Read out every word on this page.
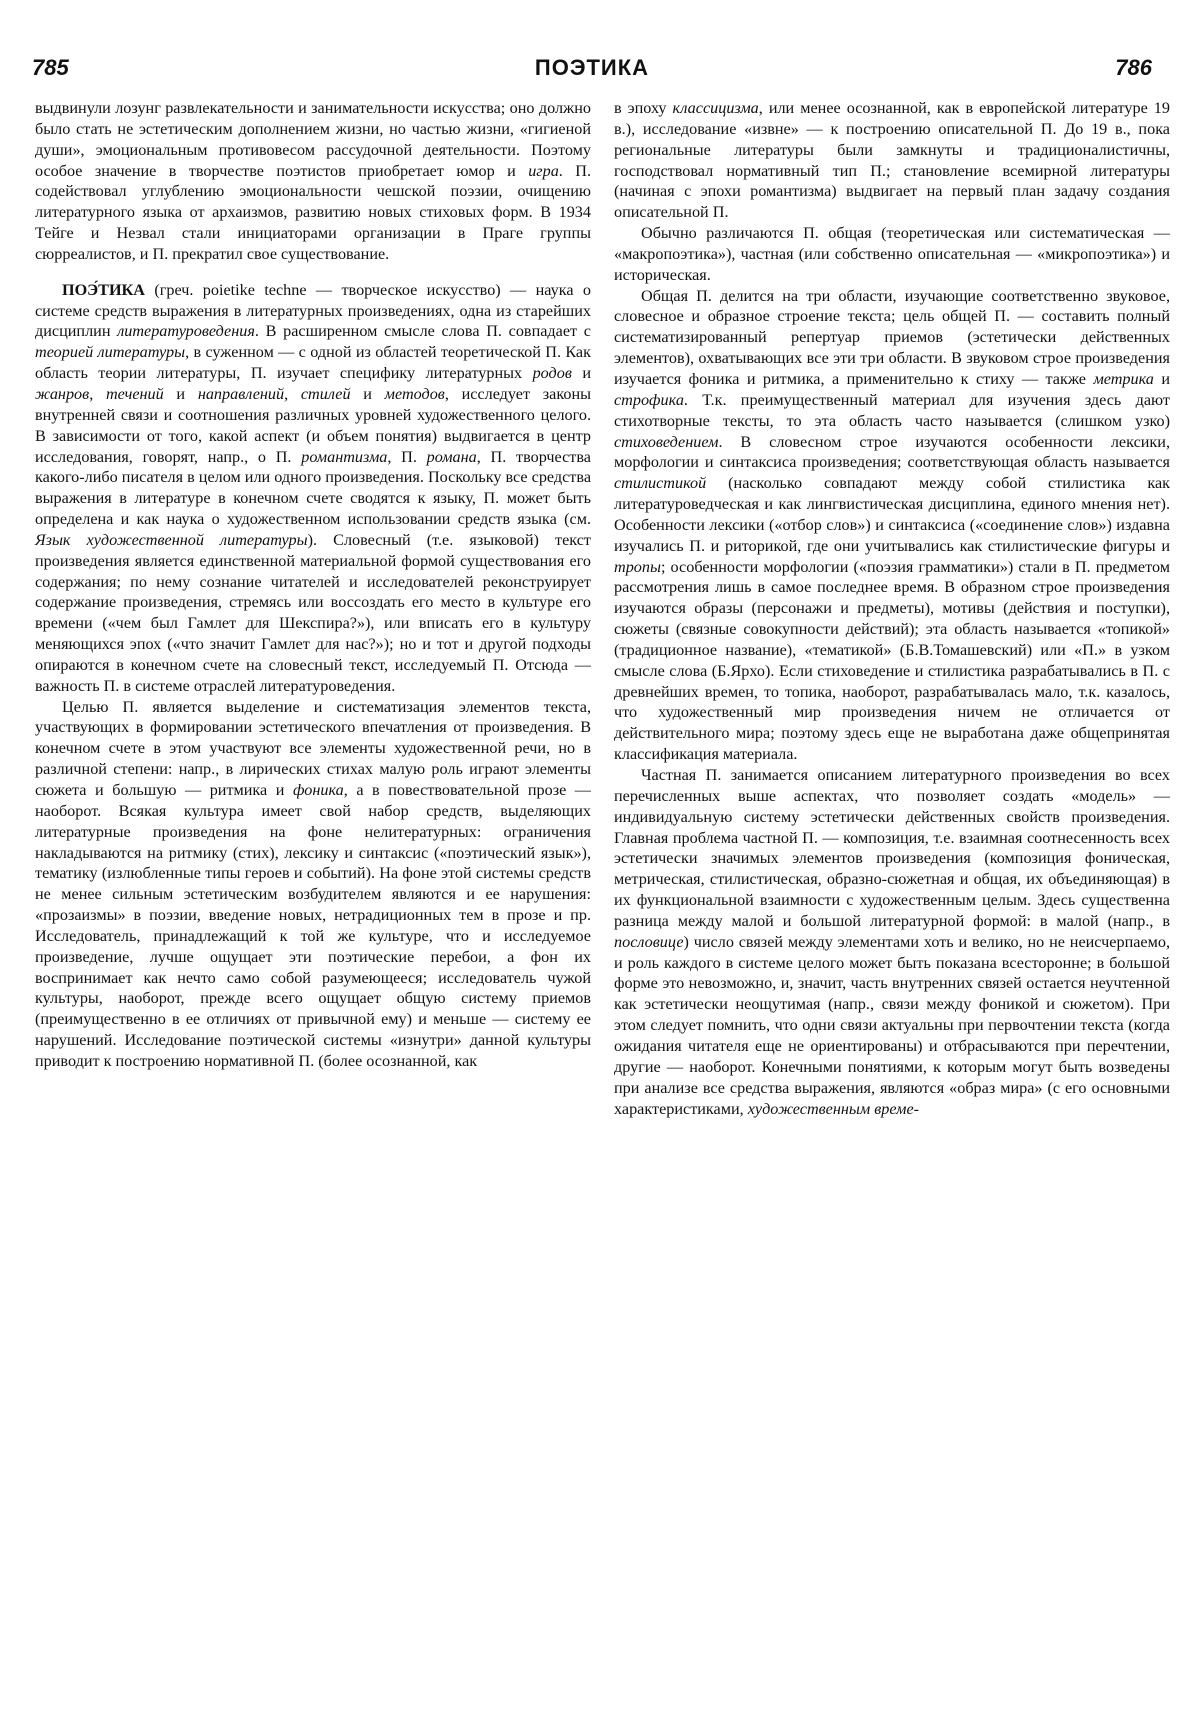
785	ПОЭТИКА	786

выдвинули лозунг развлекательности и занимательности искусства; оно должно было стать не эстетическим дополнением жизни, но частью жизни, «гигиеной души», эмоциональным противовесом рассудочной деятельности. Поэтому особое значение в творчестве поэтистов приобретает юмор и игра. П. содействовал углублению эмоциональности чешской поэзии, очищению литературного языка от архаизмов, развитию новых стиховых форм. В 1934 Тейге и Незвал стали инициаторами организации в Праге группы сюрреалистов, и П. прекратил свое существование.

ПОЭ́ТИКА (греч. poietike techne — творческое искусство) — наука о системе средств выражения в литературных произведениях, одна из старейших дисциплин литературоведения. В расширенном смысле слова П. совпадает с теорией литературы, в суженном — с одной из областей теоретической П. Как область теории литературы, П. изучает специфику литературных родов и жанров, течений и направлений, стилей и методов, исследует законы внутренней связи и соотношения различных уровней художественного целого. В зависимости от того, какой аспект (и объем понятия) выдвигается в центр исследования, говорят, напр., о П. романтизма, П. романа, П. творчества какого-либо писателя в целом или одного произведения. Поскольку все средства выражения в литературе в конечном счете сводятся к языку, П. может быть определена и как наука о художественном использовании средств языка (см. Язык художественной литературы). Словесный (т.е. языковой) текст произведения является единственной материальной формой существования его содержания; по нему сознание читателей и исследователей реконструирует содержание произведения, стремясь или воссоздать его место в культуре его времени («чем был Гамлет для Шекспира?»), или вписать его в культуру меняющихся эпох («что значит Гамлет для нас?»); но и тот и другой подходы опираются в конечном счете на словесный текст, исследуемый П. Отсюда — важность П. в системе отраслей литературоведения.

Целью П. является выделение и систематизация элементов текста, участвующих в формировании эстетического впечатления от произведения. В конечном счете в этом участвуют все элементы художественной речи, но в различной степени: напр., в лирических стихах малую роль играют элементы сюжета и большую — ритмика и фоника, а в повествовательной прозе — наоборот. Всякая культура имеет свой набор средств, выделяющих литературные произведения на фоне нелитературных: ограничения накладываются на ритмику (стих), лексику и синтаксис («поэтический язык»), тематику (излюбленные типы героев и событий). На фоне этой системы средств не менее сильным эстетическим возбудителем являются и ее нарушения: «прозаизмы» в поэзии, введение новых, нетрадиционных тем в прозе и пр. Исследователь, принадлежащий к той же культуре, что и исследуемое произведение, лучше ощущает эти поэтические перебои, а фон их воспринимает как нечто само собой разумеющееся; исследователь чужой культуры, наоборот, прежде всего ощущает общую систему приемов (преимущественно в ее отличиях от привычной ему) и меньше — систему ее нарушений. Исследование поэтической системы «изнутри» данной культуры приводит к построению нормативной П. (более осознанной, как

в эпоху классицизма, или менее осознанной, как в европейской литературе 19 в.), исследование «извне» — к построению описательной П. До 19 в., пока региональные литературы были замкнуты и традиционалистичны, господствовал нормативный тип П.; становление всемирной литературы (начиная с эпохи романтизма) выдвигает на первый план задачу создания описательной П.

Обычно различаются П. общая (теоретическая или систематическая — «макропоэтика»), частная (или собственно описательная — «микропоэтика») и историческая.

Общая П. делится на три области, изучающие соответственно звуковое, словесное и образное строение текста; цель общей П. — составить полный систематизированный репертуар приемов (эстетически действенных элементов), охватывающих все эти три области. В звуковом строе произведения изучается фоника и ритмика, а применительно к стиху — также метрика и строфика. Т.к. преимущественный материал для изучения здесь дают стихотворные тексты, то эта область часто называется (слишком узко) стиховедением. В словесном строе изучаются особенности лексики, морфологии и синтаксиса произведения; соответствующая область называется стилистикой (насколько совпадают между собой стилистика как литературоведческая и как лингвистическая дисциплина, единого мнения нет). Особенности лексики («отбор слов») и синтаксиса («соединение слов») издавна изучались П. и риторикой, где они учитывались как стилистические фигуры и тропы; особенности морфологии («поэзия грамматики») стали в П. предметом рассмотрения лишь в самое последнее время. В образном строе произведения изучаются образы (персонажи и предметы), мотивы (действия и поступки), сюжеты (связные совокупности действий); эта область называется «топикой» (традиционное название), «тематикой» (Б.В.Томашевский) или «П.» в узком смысле слова (Б.Ярхо). Если стиховедение и стилистика разрабатывались в П. с древнейших времен, то топика, наоборот, разрабатывалась мало, т.к. казалось, что художественный мир произведения ничем не отличается от действительного мира; поэтому здесь еще не выработана даже общепринятая классификация материала.

Частная П. занимается описанием литературного произведения во всех перечисленных выше аспектах, что позволяет создать «модель» — индивидуальную систему эстетически действенных свойств произведения. Главная проблема частной П. — композиция, т.е. взаимная соотнесенность всех эстетически значимых элементов произведения (композиция фоническая, метрическая, стилистическая, образно-сюжетная и общая, их объединяющая) в их функциональной взаимности с художественным целым. Здесь существенна разница между малой и большой литературной формой: в малой (напр., в пословице) число связей между элементами хоть и велико, но не неисчерпаемо, и роль каждого в системе целого может быть показана всесторонне; в большой форме это невозможно, и, значит, часть внутренних связей остается неучтенной как эстетически неощутимая (напр., связи между фоникой и сюжетом). При этом следует помнить, что одни связи актуальны при первочтении текста (когда ожидания читателя еще не ориентированы) и отбрасываются при перечтении, другие — наоборот. Конечными понятиями, к которым могут быть возведены при анализе все средства выражения, являются «образ мира» (с его основными характеристиками, художественным време-
